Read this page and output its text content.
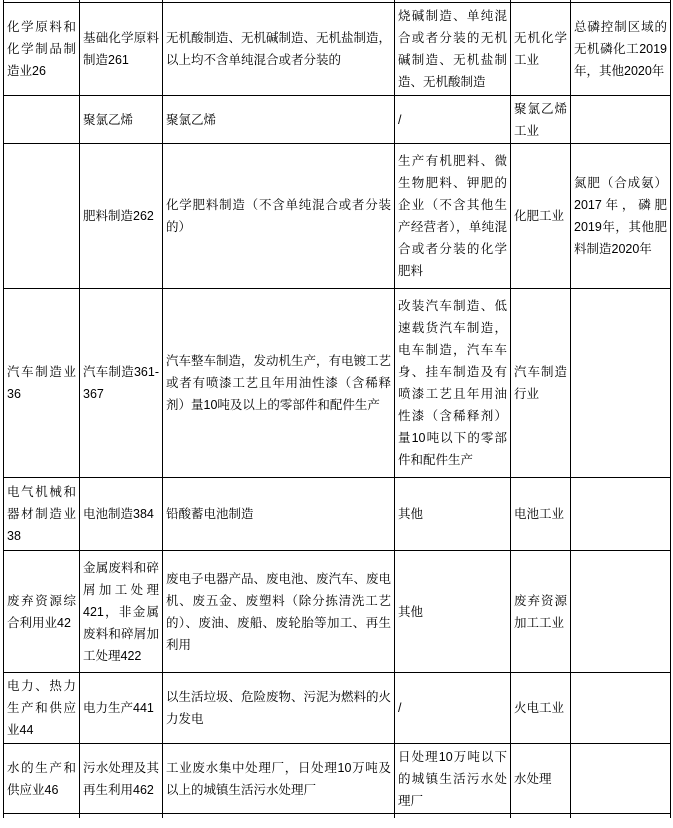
化学原料和化学制品制造业26	基础化学原料制造261	无机酸制造、无机碱制造、无机盐制造，以上均不含单纯混合或者分装的	烧碱制造、单纯混合或者分装的无机碱制造、无机盐制造、无机酸制造	无机化学工业	总磷控制区域的无机磷化工2019年，其他2020年
	聚氯乙烯	聚氯乙烯	/	聚氯乙烯工业	
	肥料制造262	化学肥料制造（不含单纯混合或者分装的）	生产有机肥料、微生物肥料、钾肥的企业（不含其他生产经营者），单纯混合或者分装的化学肥料	化肥工业	氮肥（合成氨）2017年，磷肥2019年，其他肥料制造2020年
汽车制造业36	汽车制造361-367	汽车整车制造，发动机生产，有电镀工艺或者有喷漆工艺且年用油性漆（含稀释剂）量10吨及以上的零部件和配件生产	改装汽车制造、低速载货汽车制造，电车制造，汽车车身、挂车制造及有喷漆工艺且年用油性漆（含稀释剂）量10吨以下的零部件和配件生产	汽车制造行业	
电气机械和器材制造业38	电池制造384	铅酸蓄电池制造	其他	电池工业	
废弃资源综合利用业42	金属废料和碎屑加工处理421，非金属废料和碎屑加工处理422	废电子电器产品、废电池、废汽车、废电机、废五金、废塑料（除分拣清洗工艺的）、废油、废船、废轮胎等加工、再生利用	其他	废弃资源加工工业	
电力、热力生产和供应业44	电力生产441	以生活垃圾、危险废物、污泥为燃料的火力发电	/	火电工业	
水的生产和供应业46	污水处理及其再生利用462	工业废水集中处理厂，日处理10万吨及以上的城镇生活污水处理厂	日处理10万吨以下的城镇生活污水处理厂	水处理	
